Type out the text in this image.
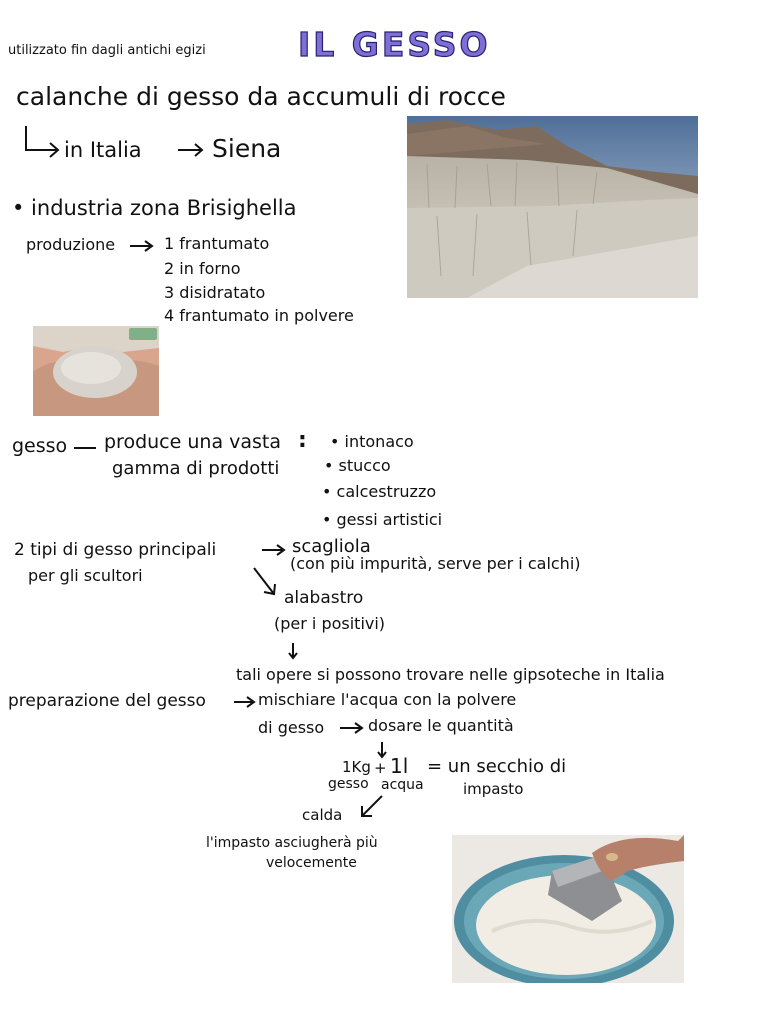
utilizzato fin dagli antichi egizi	IL GESSO
calanche di gesso da accumuli di rocce
in Italia	Siena
• industria zona Brisighella
produzione	1 frantumato
2 in forno
3 disidratato
4 frantumato in polvere
gesso produce una vasta :
gamma di prodotti
• intonaco
• stucco
• calcestruzzo
• gessi artistici
2 tipi di gesso principali
per gli scultori
scagliola
(con più impurità, serve per i calchi)
alabastro
(per i positivi)
tali opere si possono trovare nelle gipsoteche in Italia
preparazione del gesso	mischiare l'acqua con la polvere
di gesso	dosare le quantità
1Kg + 1l = un secchio di
gesso acqua	impasto
calda
l'impasto asciugherà più
velocemente
